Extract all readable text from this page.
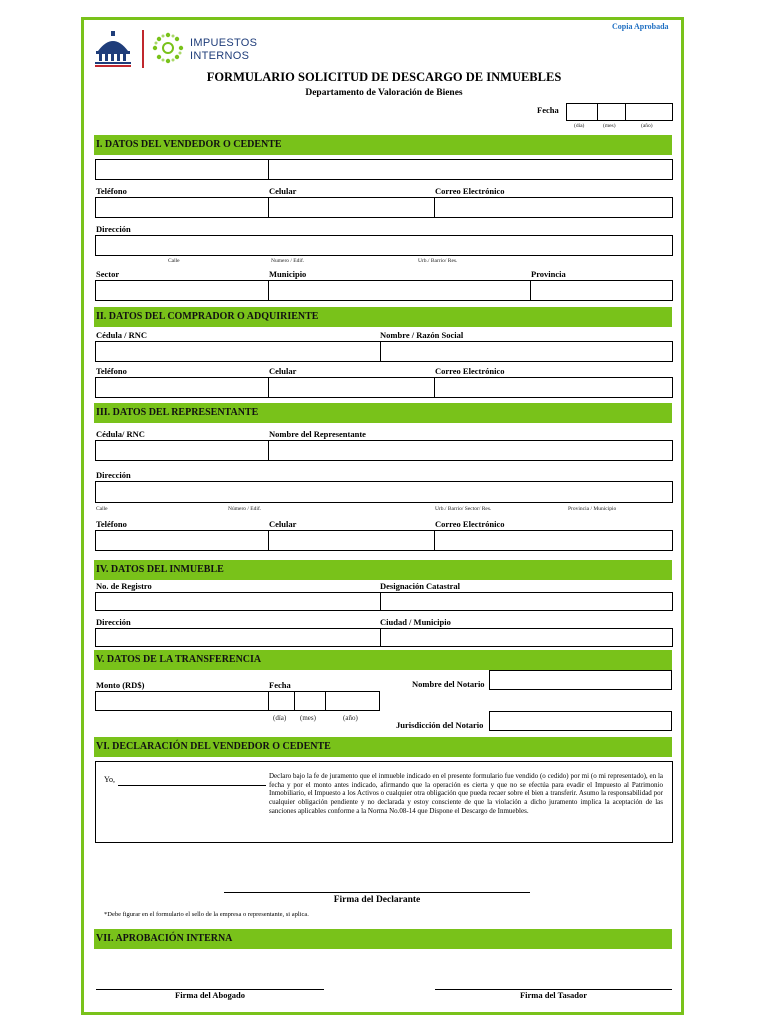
IMPUESTOS
INTERNOS
Copia Aprobada
FORMULARIO SOLICITUD DE DESCARGO DE INMUEBLES
Departamento de Valoración de Bienes
Fecha
(día)	(mes)	(año)
I. DATOS DEL VENDEDOR O CEDENTE
Teléfono	Celular	Correo Electrónico
Dirección
Calle	Numero / Edif.	Urb./ Barrio/ Res.
Sector	Municipio	Provincia
II. DATOS DEL COMPRADOR O ADQUIRIENTE
Cédula / RNC	Nombre / Razón Social
Teléfono	Celular	Correo Electrónico
III. DATOS DEL REPRESENTANTE
Cédula/ RNC	Nombre del Representante
Dirección
Calle	Número / Edif.	Urb./ Barrio/ Sector/ Res.	Provincia / Municipio
Teléfono	Celular	Correo Electrónico
IV. DATOS DEL INMUEBLE
No. de Registro	Designación Catastral
Dirección	Ciudad / Municipio
V. DATOS DE LA TRANSFERENCIA
Monto (RD$)	Fecha
(día) (mes)	(año)
Nombre del Notario
Jurisdicción del Notario
VI. DECLARACIÓN DEL VENDEDOR O CEDENTE
Yo,	Declaro bajo la fe de juramento que el inmueble indicado en el presente formulario fue vendido (o cedido) por mi (o mi representado), en la fecha y por el monto antes indicado, afirmando que la operación es cierta y que no se efectúa para evadir el Impuesto al Patrimonio Inmobiliario, el Impuesto a los Activos o cualquier otra obligación que pueda recaer sobre el bien a transferir. Asumo la responsabilidad por cualquier obligación pendiente y no declarada y estoy consciente de que la violación a dicho juramento implica la aceptación de las sanciones aplicables conforme a la Norma No.08-14 que Dispone el Descargo de Inmuebles.
Firma del Declarante
*Debe figurar en el formulario el sello de la empresa o representante, si aplica.
VII. APROBACIÓN INTERNA
Firma del Abogado	Firma del Tasador
